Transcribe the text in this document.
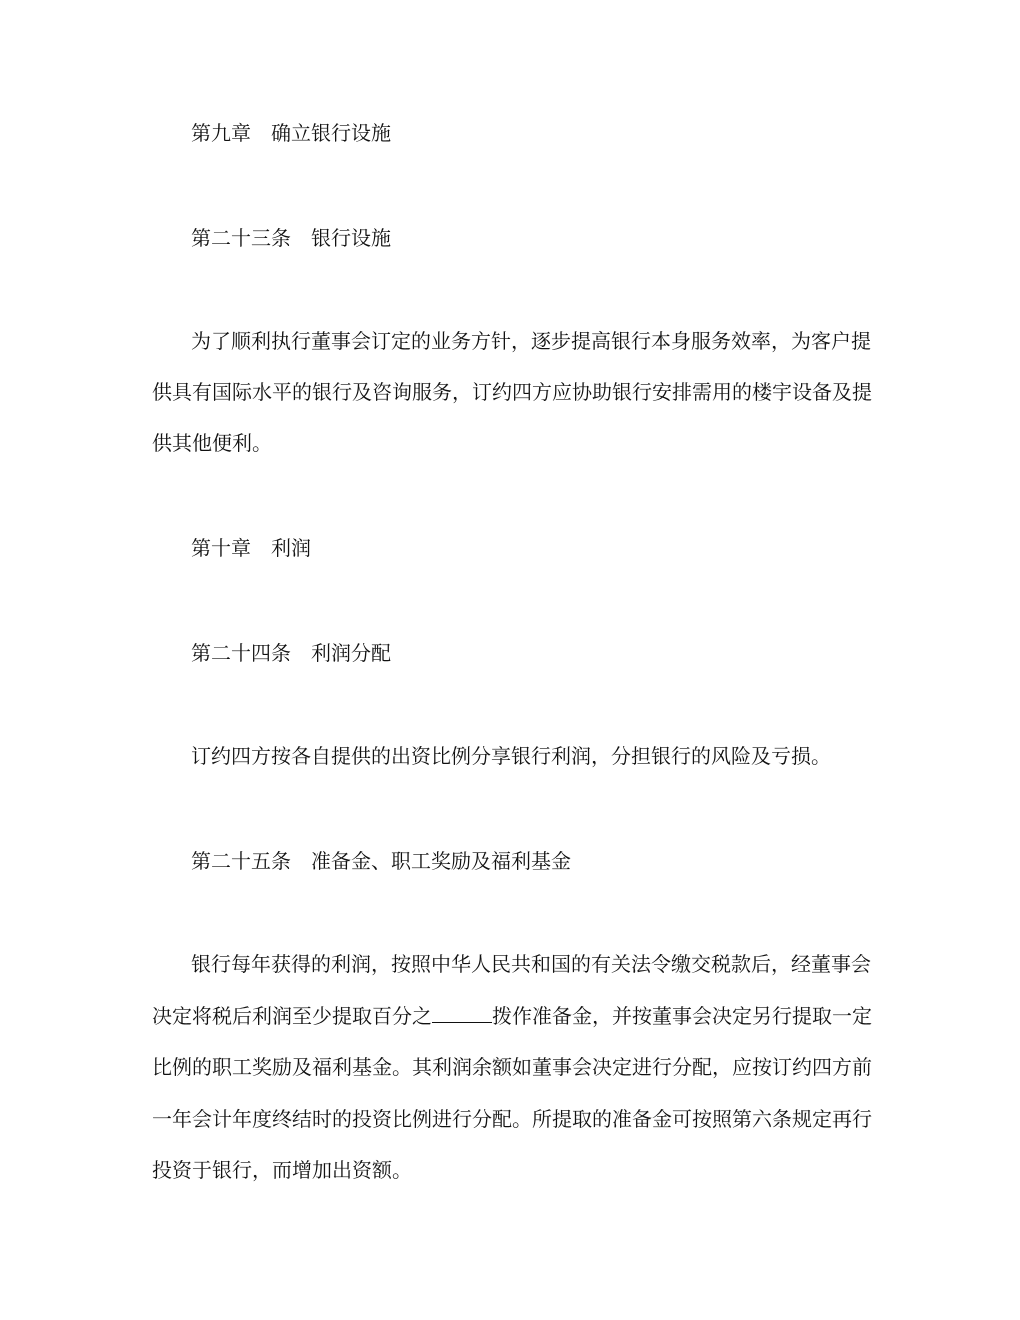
第九章　确立银行设施
第二十三条　银行设施
为了顺利执行董事会订定的业务方针，逐步提高银行本身服务效率，为客户提
供具有国际水平的银行及咨询服务，订约四方应协助银行安排需用的楼宇设备及提
供其他便利。
第十章　利润
第二十四条　利润分配
订约四方按各自提供的出资比例分享银行利润，分担银行的风险及亏损。
第二十五条　准备金、职工奖励及福利基金
银行每年获得的利润，按照中华人民共和国的有关法令缴交税款后，经董事会
决定将税后利润至少提取百分之	拨作准备金，并按董事会决定另行提取一定
比例的职工奖励及福利基金。其利润余额如董事会决定进行分配，应按订约四方前
一年会计年度终结时的投资比例进行分配。所提取的准备金可按照第六条规定再行
投资于银行，而增加出资额。
